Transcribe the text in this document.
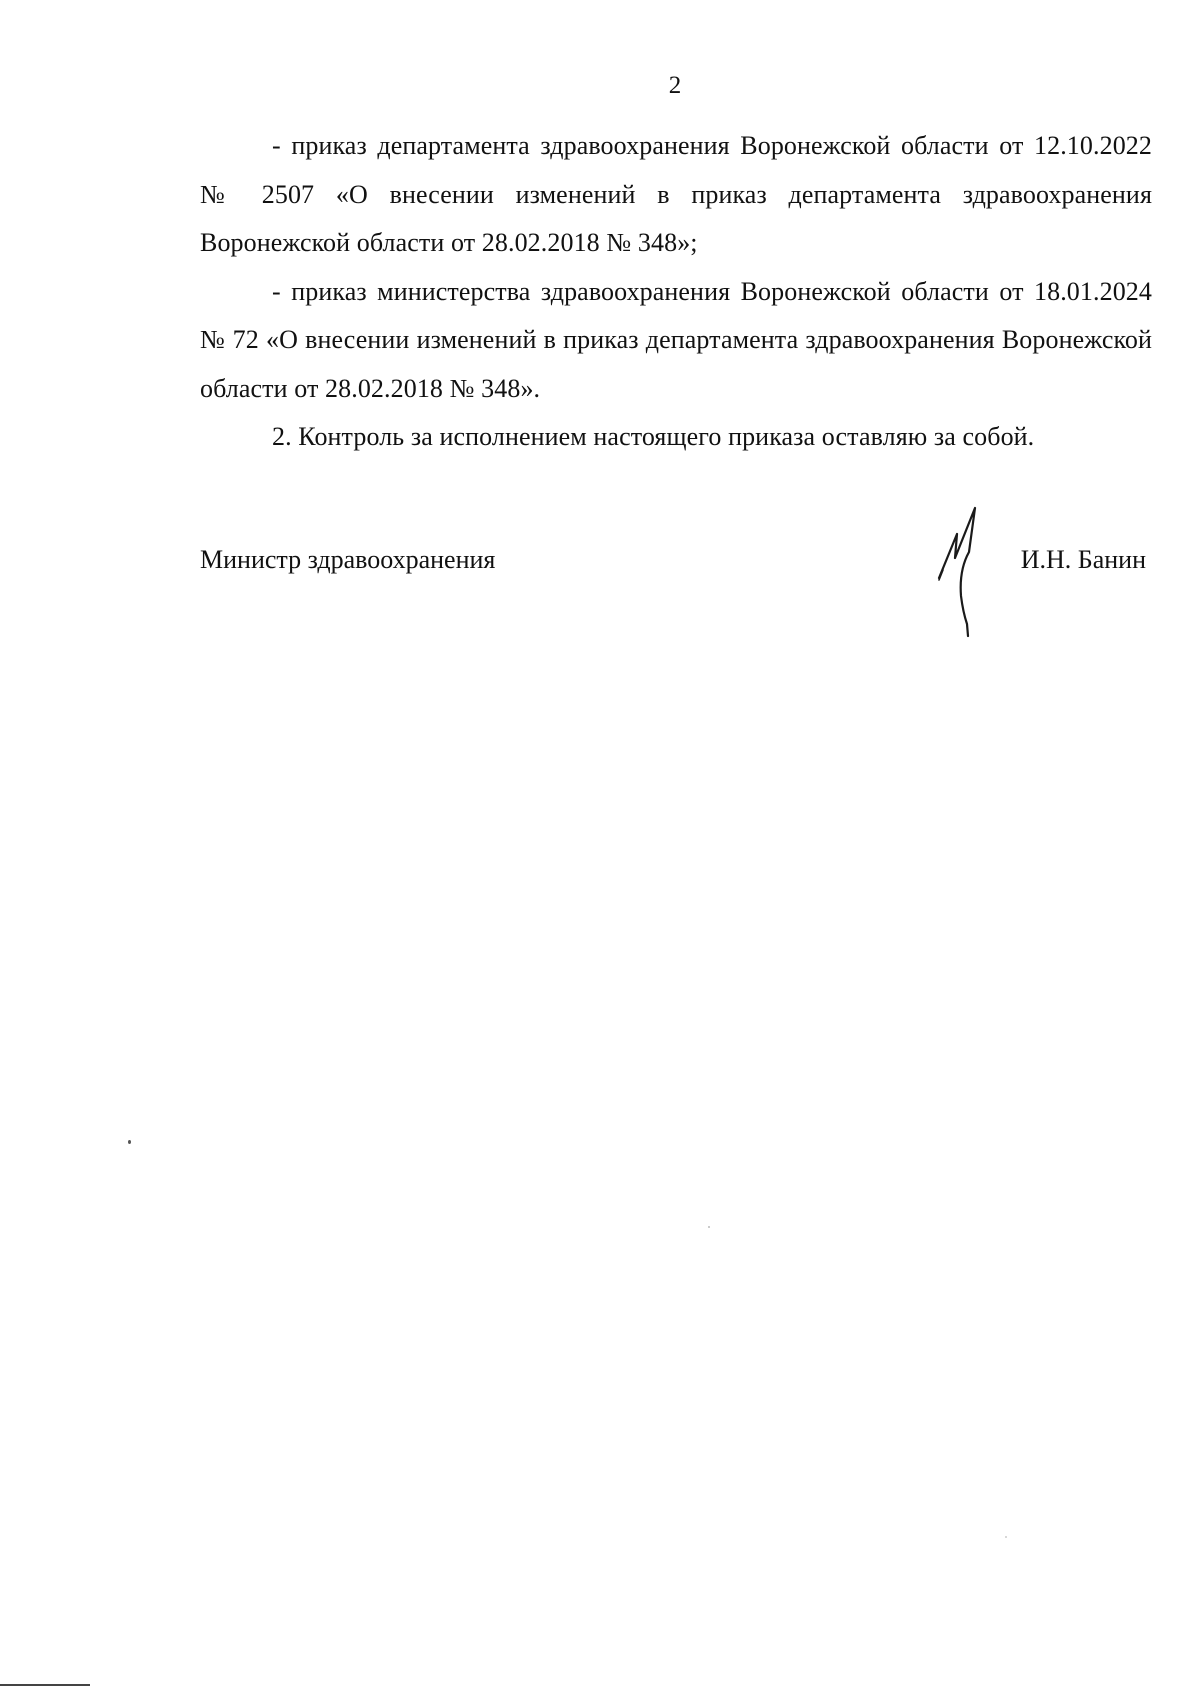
2

- приказ департамента здравоохранения Воронежской области от 12.10.2022 № 2507 «О внесении изменений в приказ департамента здравоохранения Воронежской области от 28.02.2018 № 348»;

- приказ министерства здравоохранения Воронежской области от 18.01.2024 № 72 «О внесении изменений в приказ департамента здравоохранения Воронежской области от 28.02.2018 № 348».

2. Контроль за исполнением настоящего приказа оставляю за собой.

Министр здравоохранения	И.Н. Банин
